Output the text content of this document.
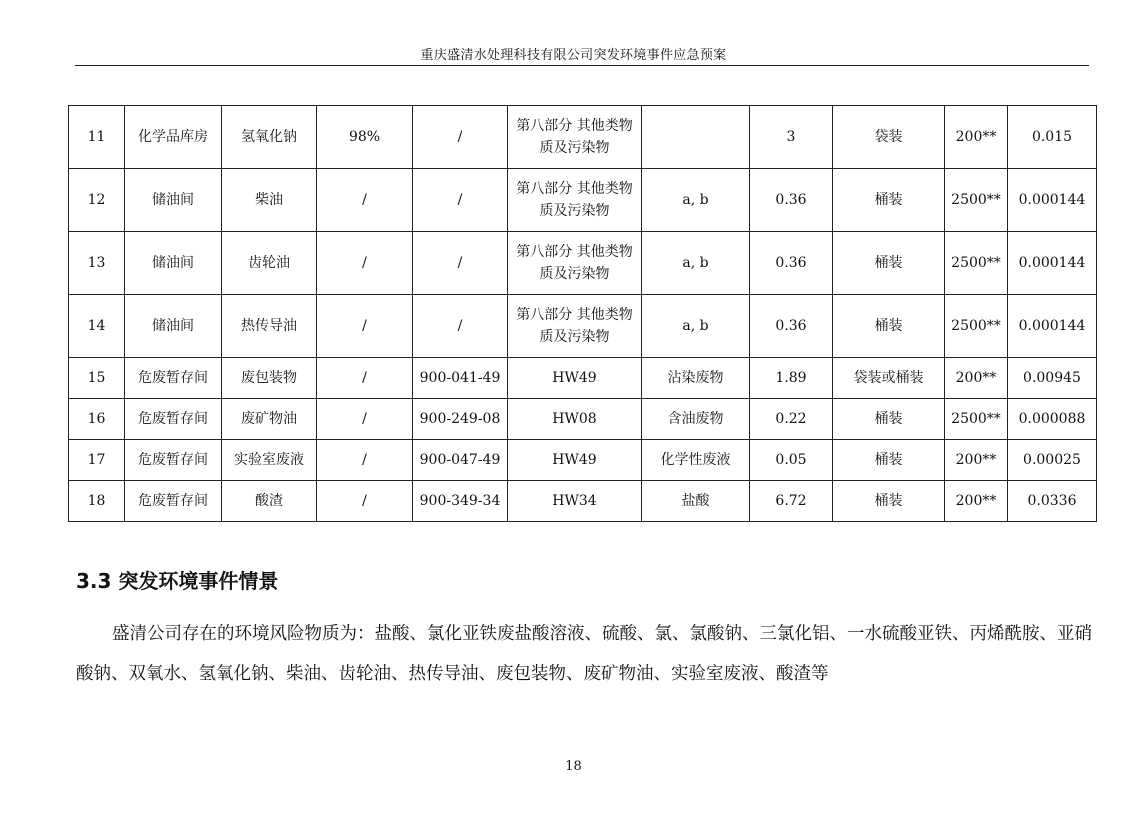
重庆盛清水处理科技有限公司突发环境事件应急预案
11	化学品库房	氢氧化钠	98%	/	第八部分 其他类物质及污染物		3	袋装	200**	0.015
12	储油间	柴油	/	/	第八部分 其他类物质及污染物	a, b	0.36	桶装	2500**	0.000144
13	储油间	齿轮油	/	/	第八部分 其他类物质及污染物	a, b	0.36	桶装	2500**	0.000144
14	储油间	热传导油	/	/	第八部分 其他类物质及污染物	a, b	0.36	桶装	2500**	0.000144
15	危废暂存间	废包装物	/	900-041-49	HW49	沾染废物	1.89	袋装或桶装	200**	0.00945
16	危废暂存间	废矿物油	/	900-249-08	HW08	含油废物	0.22	桶装	2500**	0.000088
17	危废暂存间	实验室废液	/	900-047-49	HW49	化学性废液	0.05	桶装	200**	0.00025
18	危废暂存间	酸渣	/	900-349-34	HW34	盐酸	6.72	桶装	200**	0.0336
3.3 突发环境事件情景

盛清公司存在的环境风险物质为：盐酸、氯化亚铁废盐酸溶液、硫酸、氯、氯酸钠、三氯化铝、一水硫酸亚铁、丙烯酰胺、亚硝酸钠、双氧水、氢氧化钠、柴油、齿轮油、热传导油、废包装物、废矿物油、实验室废液、酸渣等

18
